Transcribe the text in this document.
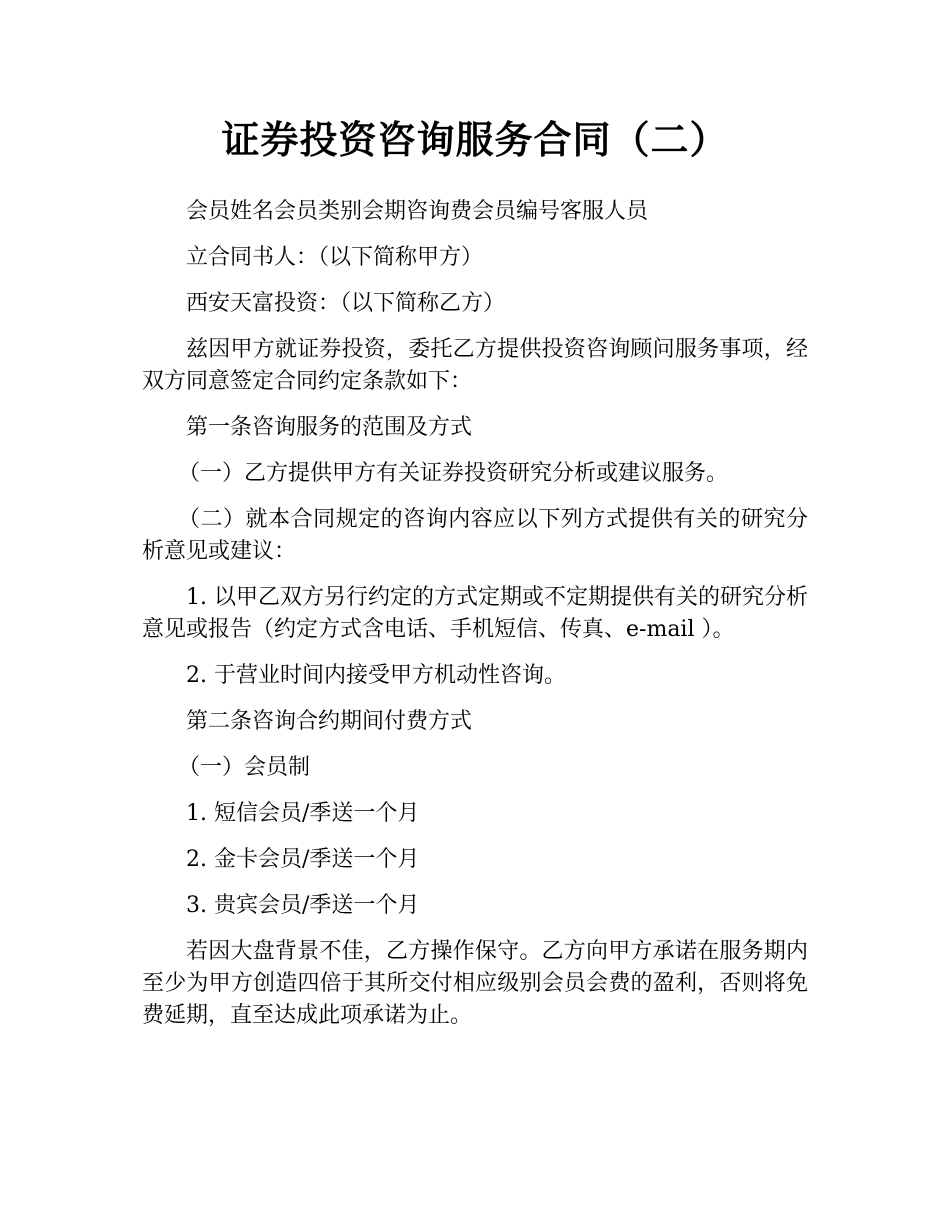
证券投资咨询服务合同（二）

会员姓名会员类别会期咨询费会员编号客服人员

立合同书人：（以下简称甲方）

西安天富投资：（以下简称乙方）

兹因甲方就证券投资，委托乙方提供投资咨询顾问服务事项，经双方同意签定合同约定条款如下：

第一条咨询服务的范围及方式

（一）乙方提供甲方有关证券投资研究分析或建议服务。

（二）就本合同规定的咨询内容应以下列方式提供有关的研究分析意见或建议：

1. 以甲乙双方另行约定的方式定期或不定期提供有关的研究分析意见或报告（约定方式含电话、手机短信、传真、e-mail ）。

2. 于营业时间内接受甲方机动性咨询。

第二条咨询合约期间付费方式

（一）会员制

1. 短信会员/季送一个月

2. 金卡会员/季送一个月

3. 贵宾会员/季送一个月

若因大盘背景不佳，乙方操作保守。乙方向甲方承诺在服务期内至少为甲方创造四倍于其所交付相应级别会员会费的盈利，否则将免费延期，直至达成此项承诺为止。
